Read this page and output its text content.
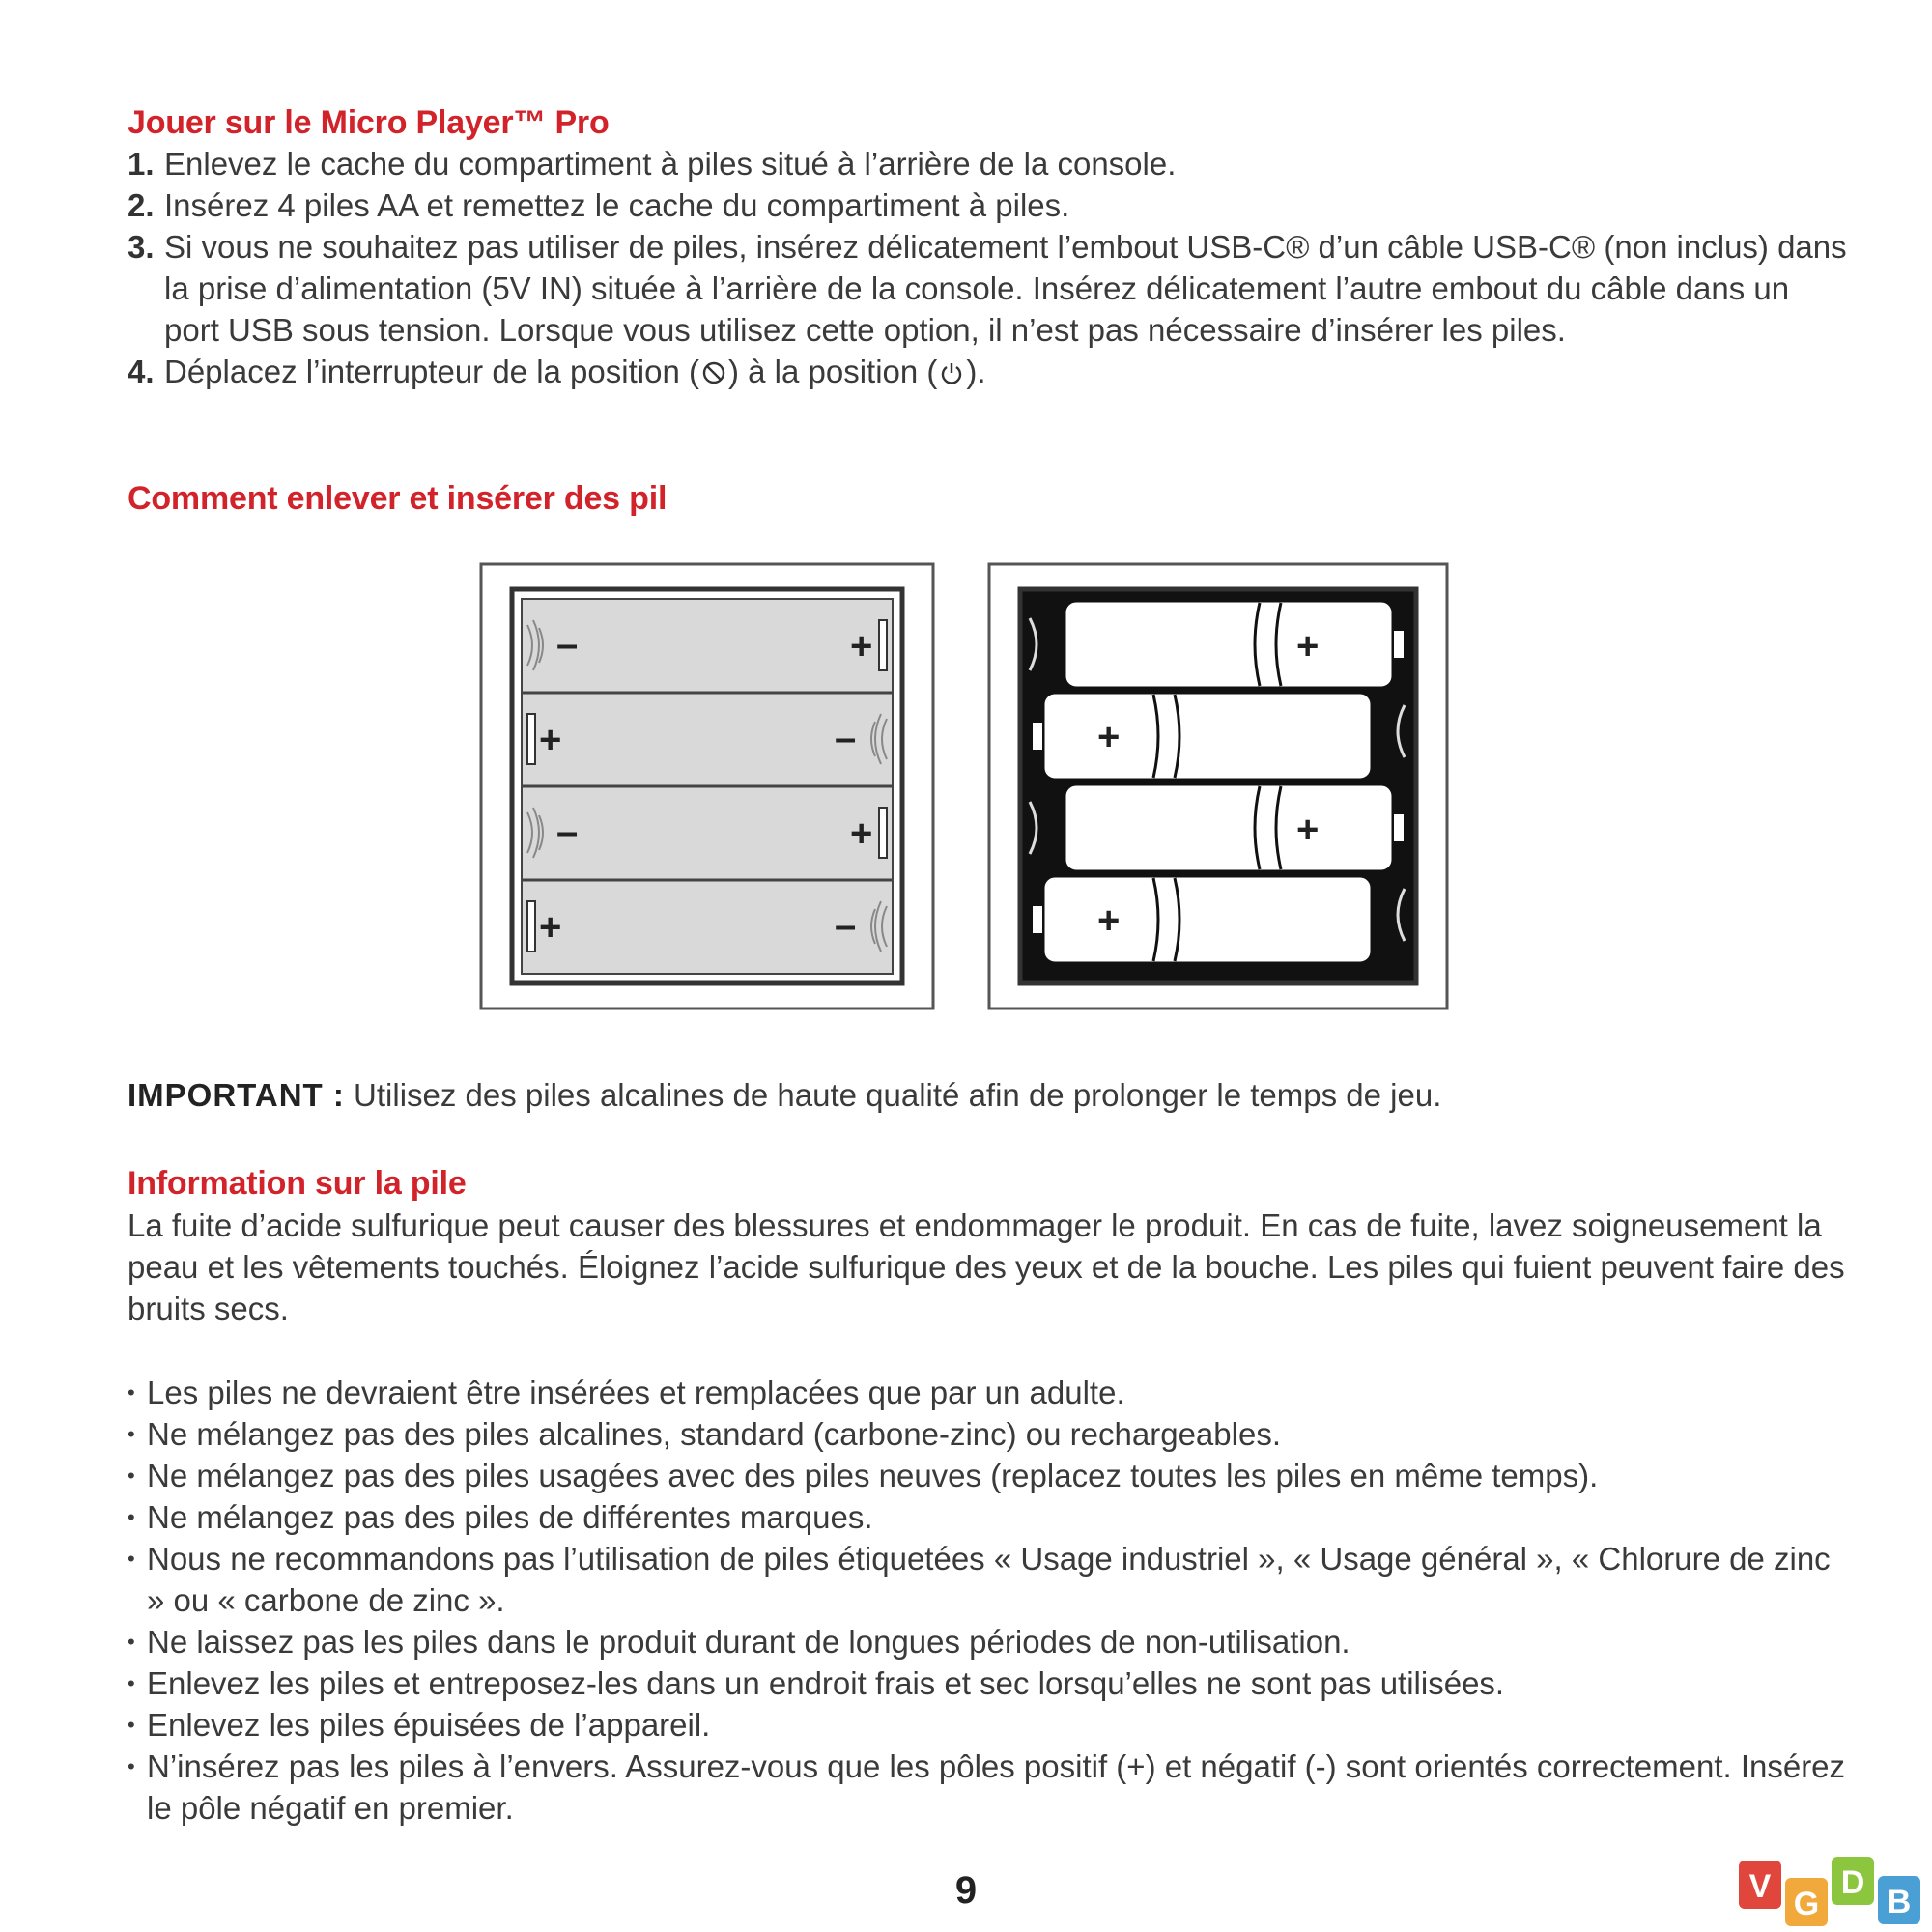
Jouer sur le Micro Player™ Pro
1. Enlevez le cache du compartiment à piles situé à l’arrière de la console.
2. Insérez 4 piles AA et remettez le cache du compartiment à piles.
3. Si vous ne souhaitez pas utiliser de piles, insérez délicatement l’embout USB-C® d’un câble USB-C® (non inclus) dans la prise d’alimentation (5V IN) située à l’arrière de la console. Insérez délicatement l’autre embout du câble dans un port USB sous tension. Lorsque vous utilisez cette option, il n’est pas nécessaire d’insérer les piles.
4. Déplacez l’interrupteur de la position ( ) à la position ( ).
Comment enlever et insérer des pil
–	+
+	–
–	+
+	–
+
+
+
+

IMPORTANT : Utilisez des piles alcalines de haute qualité afin de prolonger le temps de jeu.

Information sur la pile

La fuite d’acide sulfurique peut causer des blessures et endommager le produit. En cas de fuite, lavez soigneusement la peau et les vêtements touchés. Éloignez l’acide sulfurique des yeux et de la bouche. Les piles qui fuient peuvent faire des bruits secs.

• Les piles ne devraient être insérées et remplacées que par un adulte.
• Ne mélangez pas des piles alcalines, standard (carbone-zinc) ou rechargeables.
• Ne mélangez pas des piles usagées avec des piles neuves (replacez toutes les piles en même temps).
• Ne mélangez pas des piles de différentes marques.
• Nous ne recommandons pas l’utilisation de piles étiquetées « Usage industriel », « Usage général », « Chlorure de zinc » ou « carbone de zinc ».
• Ne laissez pas les piles dans le produit durant de longues périodes de non-utilisation.
• Enlevez les piles et entreposez-les dans un endroit frais et sec lorsqu’elles ne sont pas utilisées.
• Enlevez les piles épuisées de l’appareil.
• N’insérez pas les piles à l’envers. Assurez-vous que les pôles positif (+) et négatif (-) sont orientés correctement. Insérez le pôle négatif en premier.
9	V G
D
B
